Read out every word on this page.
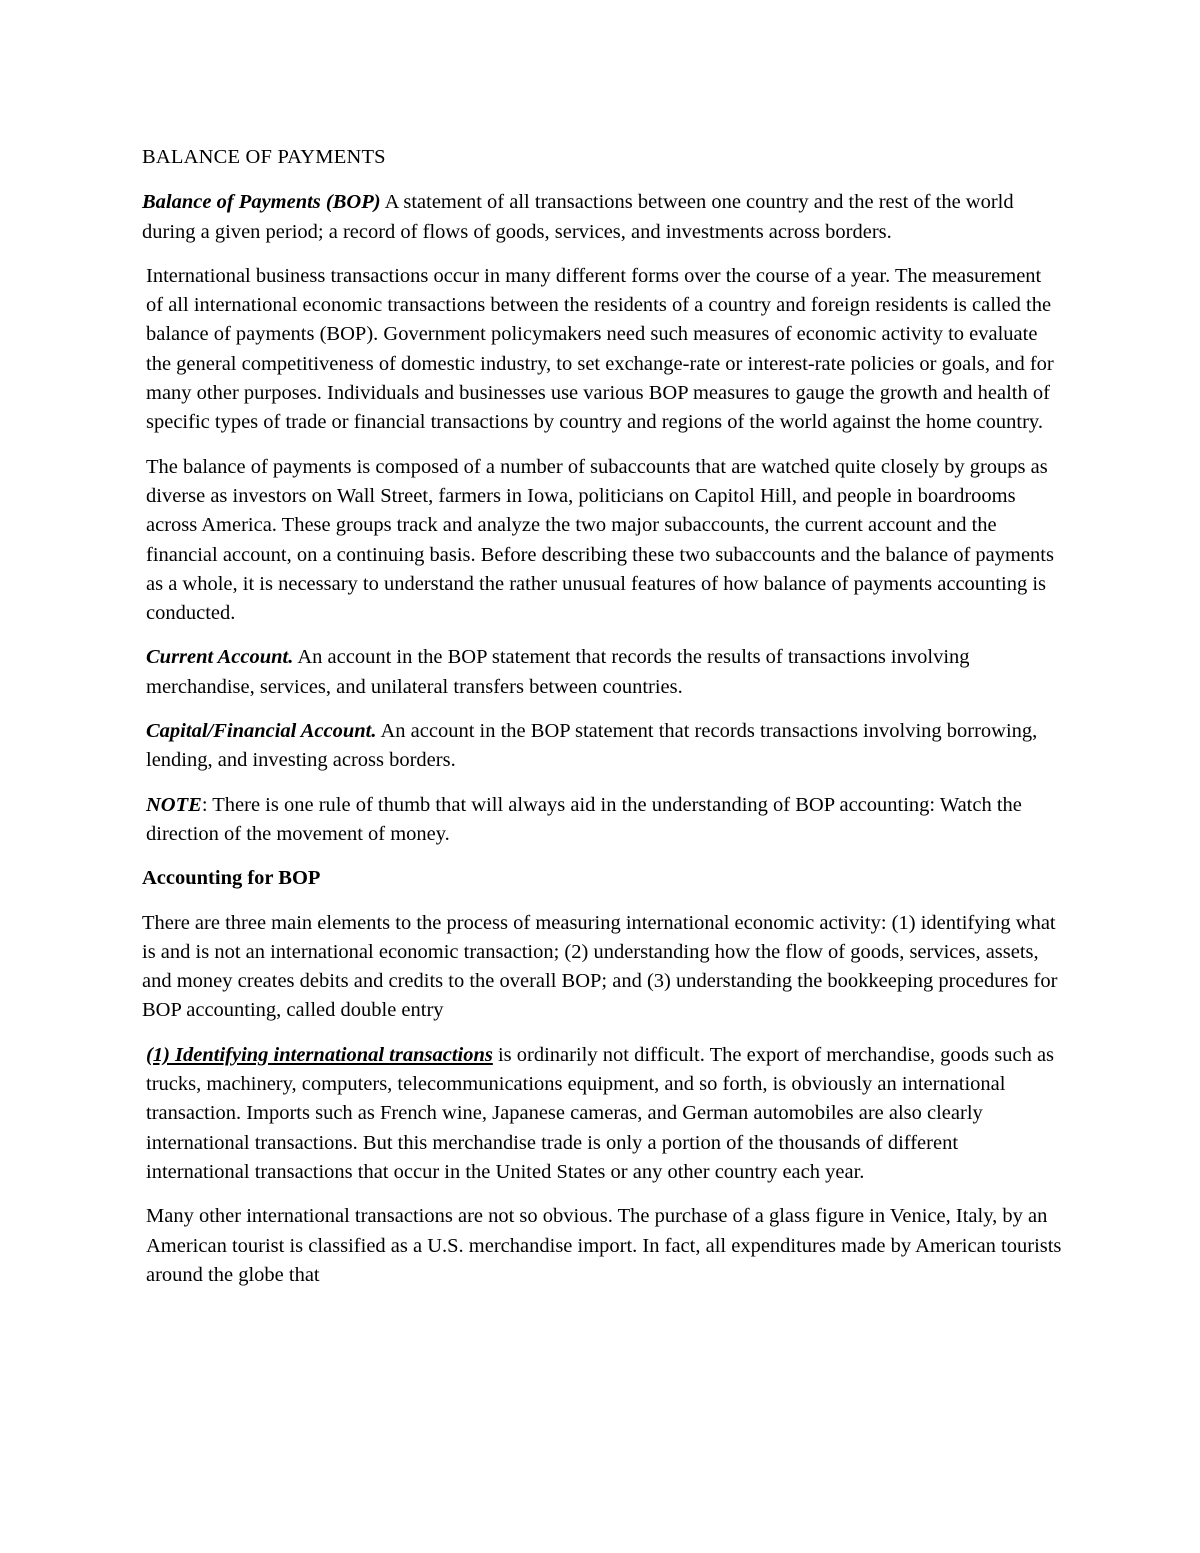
BALANCE OF PAYMENTS

Balance of Payments (BOP) A statement of all transactions between one country and the rest of the world during a given period; a record of flows of goods, services, and investments across borders.

International business transactions occur in many different forms over the course of a year. The measurement of all international economic transactions between the residents of a country and foreign residents is called the balance of payments (BOP). Government policymakers need such measures of economic activity to evaluate the general competitiveness of domestic industry, to set exchange-rate or interest-rate policies or goals, and for many other purposes. Individuals and businesses use various BOP measures to gauge the growth and health of specific types of trade or financial transactions by country and regions of the world against the home country.

The balance of payments is composed of a number of subaccounts that are watched quite closely by groups as diverse as investors on Wall Street, farmers in Iowa, politicians on Capitol Hill, and people in boardrooms across America. These groups track and analyze the two major subaccounts, the current account and the financial account, on a continuing basis. Before describing these two subaccounts and the balance of payments as a whole, it is necessary to understand the rather unusual features of how balance of payments accounting is conducted.

Current Account. An account in the BOP statement that records the results of transactions involving merchandise, services, and unilateral transfers between countries.

Capital/Financial Account. An account in the BOP statement that records transactions involving borrowing, lending, and investing across borders.

NOTE: There is one rule of thumb that will always aid in the understanding of BOP accounting: Watch the direction of the movement of money.

Accounting for BOP

There are three main elements to the process of measuring international economic activity: (1) identifying what is and is not an international economic transaction; (2) understanding how the flow of goods, services, assets, and money creates debits and credits to the overall BOP; and (3) understanding the bookkeeping procedures for BOP accounting, called double entry

(1) Identifying international transactions is ordinarily not difficult. The export of merchandise, goods such as trucks, machinery, computers, telecommunications equipment, and so forth, is obviously an international transaction. Imports such as French wine, Japanese cameras, and German automobiles are also clearly international transactions. But this merchandise trade is only a portion of the thousands of different international transactions that occur in the United States or any other country each year.

Many other international transactions are not so obvious. The purchase of a glass figure in Venice, Italy, by an American tourist is classified as a U.S. merchandise import. In fact, all expenditures made by American tourists around the globe that
